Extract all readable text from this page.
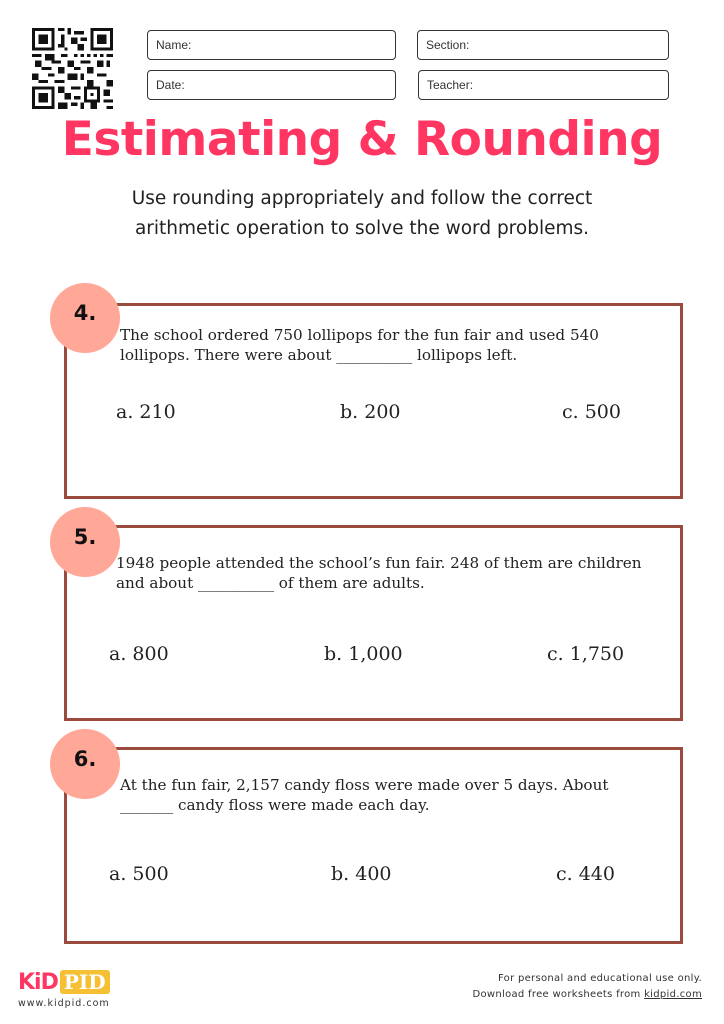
Name:	Section:
Date:	Teacher:
Estimating & Rounding
Use rounding appropriately and follow the correct
arithmetic operation to solve the word problems.
4.
The school ordered 750 lollipops for the fun fair and used 540
lollipops. There were about __________ lollipops left.
a. 210	b. 200	c. 500
5.
1948 people attended the school’s fun fair. 248 of them are children
and about __________ of them are adults.
a. 800	b. 1,000	c. 1,750
6.
At the fun fair, 2,157 candy floss were made over 5 days. About
_______ candy floss were made each day.
a. 500	b. 400	c. 440
KiD PID
www.kidpid.com
For personal and educational use only.
Download free worksheets from kidpid.com
